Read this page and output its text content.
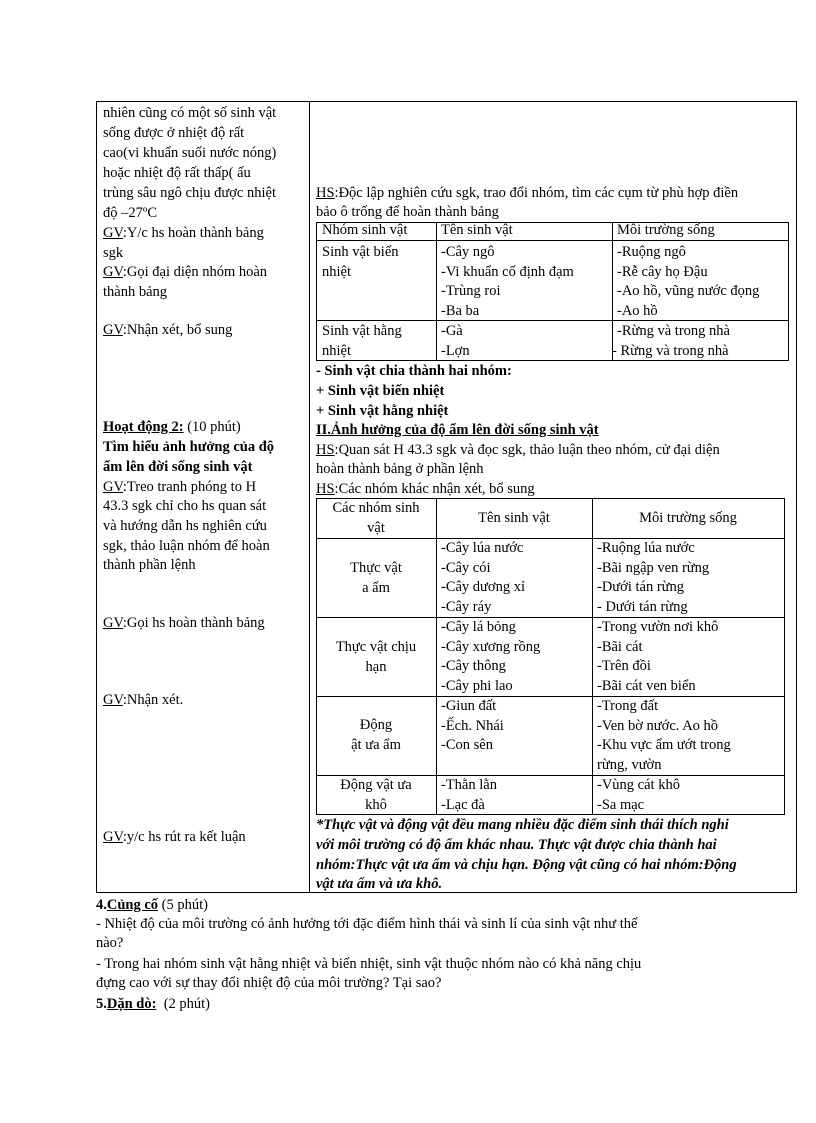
nhiên cũng có một số sinh vật
sống được ở nhiệt độ rất
cao(vi khuẩn suối nước nóng)
hoặc nhiệt độ rất thấp( ấu
trùng sâu ngô chịu được nhiệt
độ –27ºC
GV:Y/c hs hoàn thành bảng
sgk
GV:Gọi đại diện nhóm hoàn
thành bảng
GV:Nhận xét, bổ sung
Hoạt động 2: (10 phút)
Tìm hiểu ảnh hưởng của độ
ẩm lên đời sống sinh vật
GV:Treo tranh phóng to H
43.3 sgk chỉ cho hs quan sát
và hướng dẫn hs nghiên cứu
sgk, thảo luận nhóm để hoàn
thành phần lệnh
GV:Gọi hs hoàn thành bảng
GV:Nhận xét.
GV:y/c hs rút ra kết luận
HS:Độc lập nghiên cứu sgk, trao đổi nhóm, tìm các cụm từ phù hợp điền
bảo ô trống để hoàn thành bảng
Nhóm sinh vật Tên sinh vật	Môi trường sống
Sinh vật biến
nhiệt
-Cây ngô
-Vi khuẩn cố định đạm
-Trùng roi
-Ba ba
-Ruộng ngô
-Rễ cây họ Đậu
-Ao hồ, vũng nước đọng
-Ao hồ
Sinh vật hằng
nhiệt
-Gà
-Lợn
-Rừng và trong nhà
- Rừng và trong nhà
- Sinh vật chia thành hai nhóm:
+ Sinh vật biến nhiệt
+ Sinh vật hằng nhiệt
II.Ảnh hưởng của độ ẩm lên đời sống sinh vật
HS:Quan sát H 43.3 sgk và đọc sgk, thảo luận theo nhóm, cử đại diện
hoàn thành bảng ở phần lệnh
HS:Các nhóm khác nhận xét, bổ sung
Các nhóm sinh
vật
Tên sinh vật	Môi trường sống
Thực vật
a ẩm
-Cây lúa nước
-Cây cói
-Cây dương xỉ
-Cây ráy
-Ruộng lúa nước
-Bãi ngập ven rừng
-Dưới tán rừng
- Dưới tán rừng
Thực vật chịu
hạn
-Cây lá bỏng
-Cây xương rồng
-Cây thông
-Cây phi lao
-Trong vườn nơi khô
-Bãi cát
-Trên đồi
-Bãi cát ven biển
Động
ật ưa ẩm
-Giun đất
-Ếch. Nhái
-Con sên
-Trong đất
-Ven bờ nước. Ao hồ
-Khu vực ẩm ướt trong
rừng, vườn
Động vật ưa
khô
-Thằn lằn
-Lạc đà
-Vùng cát khô
-Sa mạc
*Thực vật và động vật đều mang nhiều đặc điểm sinh thái thích nghi
với môi trường có độ ẩm khác nhau. Thực vật được chia thành hai
nhóm:Thực vật ưa ẩm và chịu hạn. Động vật cũng có hai nhóm:Động
vật ưa ẩm và ưa khô.
4.Củng cố (5 phút)
- Nhiệt độ của môi trường có ảnh hưởng tới đặc điểm hình thái và sinh lí của sinh vật như thế
nào?
- Trong hai nhóm sinh vật hằng nhiệt và biến nhiệt, sinh vật thuộc nhóm nào có khả năng chịu
đựng cao với sự thay đổi nhiệt độ của môi trường? Tại sao?
5.Dặn dò:  (2 phút)
